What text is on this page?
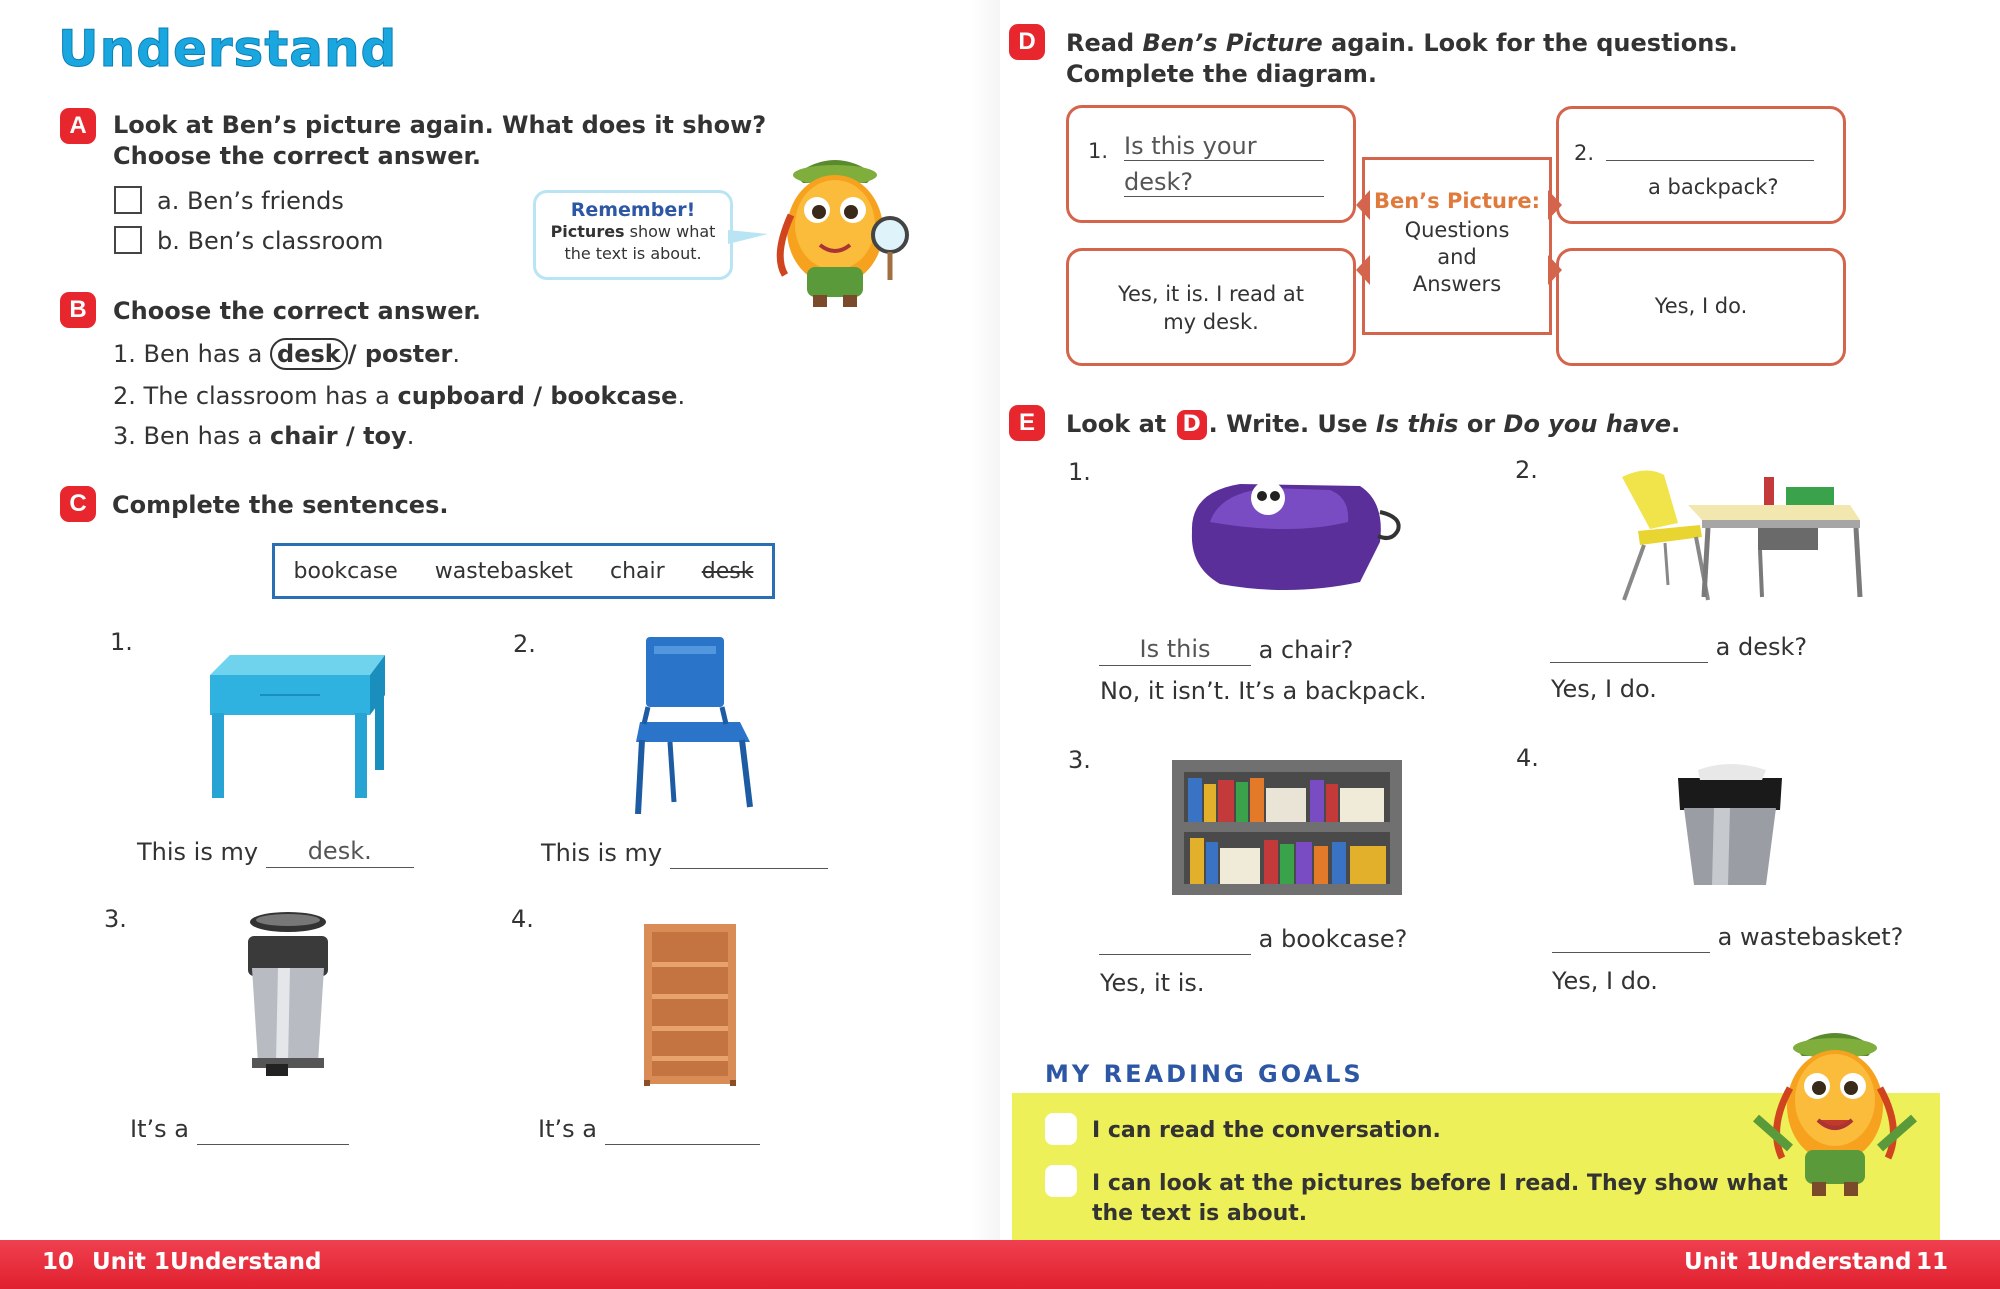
Understand
A	Look at Ben’s picture again. What does it show?
Choose the correct answer.
a. Ben’s friends
b. Ben’s classroom
Remember!
Pictures show what
the text is about.
B	Choose the correct answer.
1. Ben has a desk / poster.
2. The classroom has a cupboard / bookcase.
3. Ben has a chair / toy.
C	Complete the sentences.
bookcase wastebasket chair desk
1.
This is my desk.
2.
This is my
3.
It’s a
4.
It’s a
D	Read Ben’s Picture again. Look for the questions.
Complete the diagram.
Ben’s Picture:
Questions
and
Answers
1. Is this your
desk?
2.
a backpack?
Yes, it is. I read at
my desk.
Yes, I do.
E	Look at D . Write. Use Is this or Do you have.
1.
Is this a chair?
No, it isn’t. It’s a backpack.
2.
a desk?
Yes, I do.
3.
a bookcase?
Yes, it is.
4.
a wastebasket?
Yes, I do.
MY READING GOALS
I can read the conversation.
I can look at the pictures before I read. They show what
the text is about.
10 Unit 1 Understand	Unit 1
Understand 11
